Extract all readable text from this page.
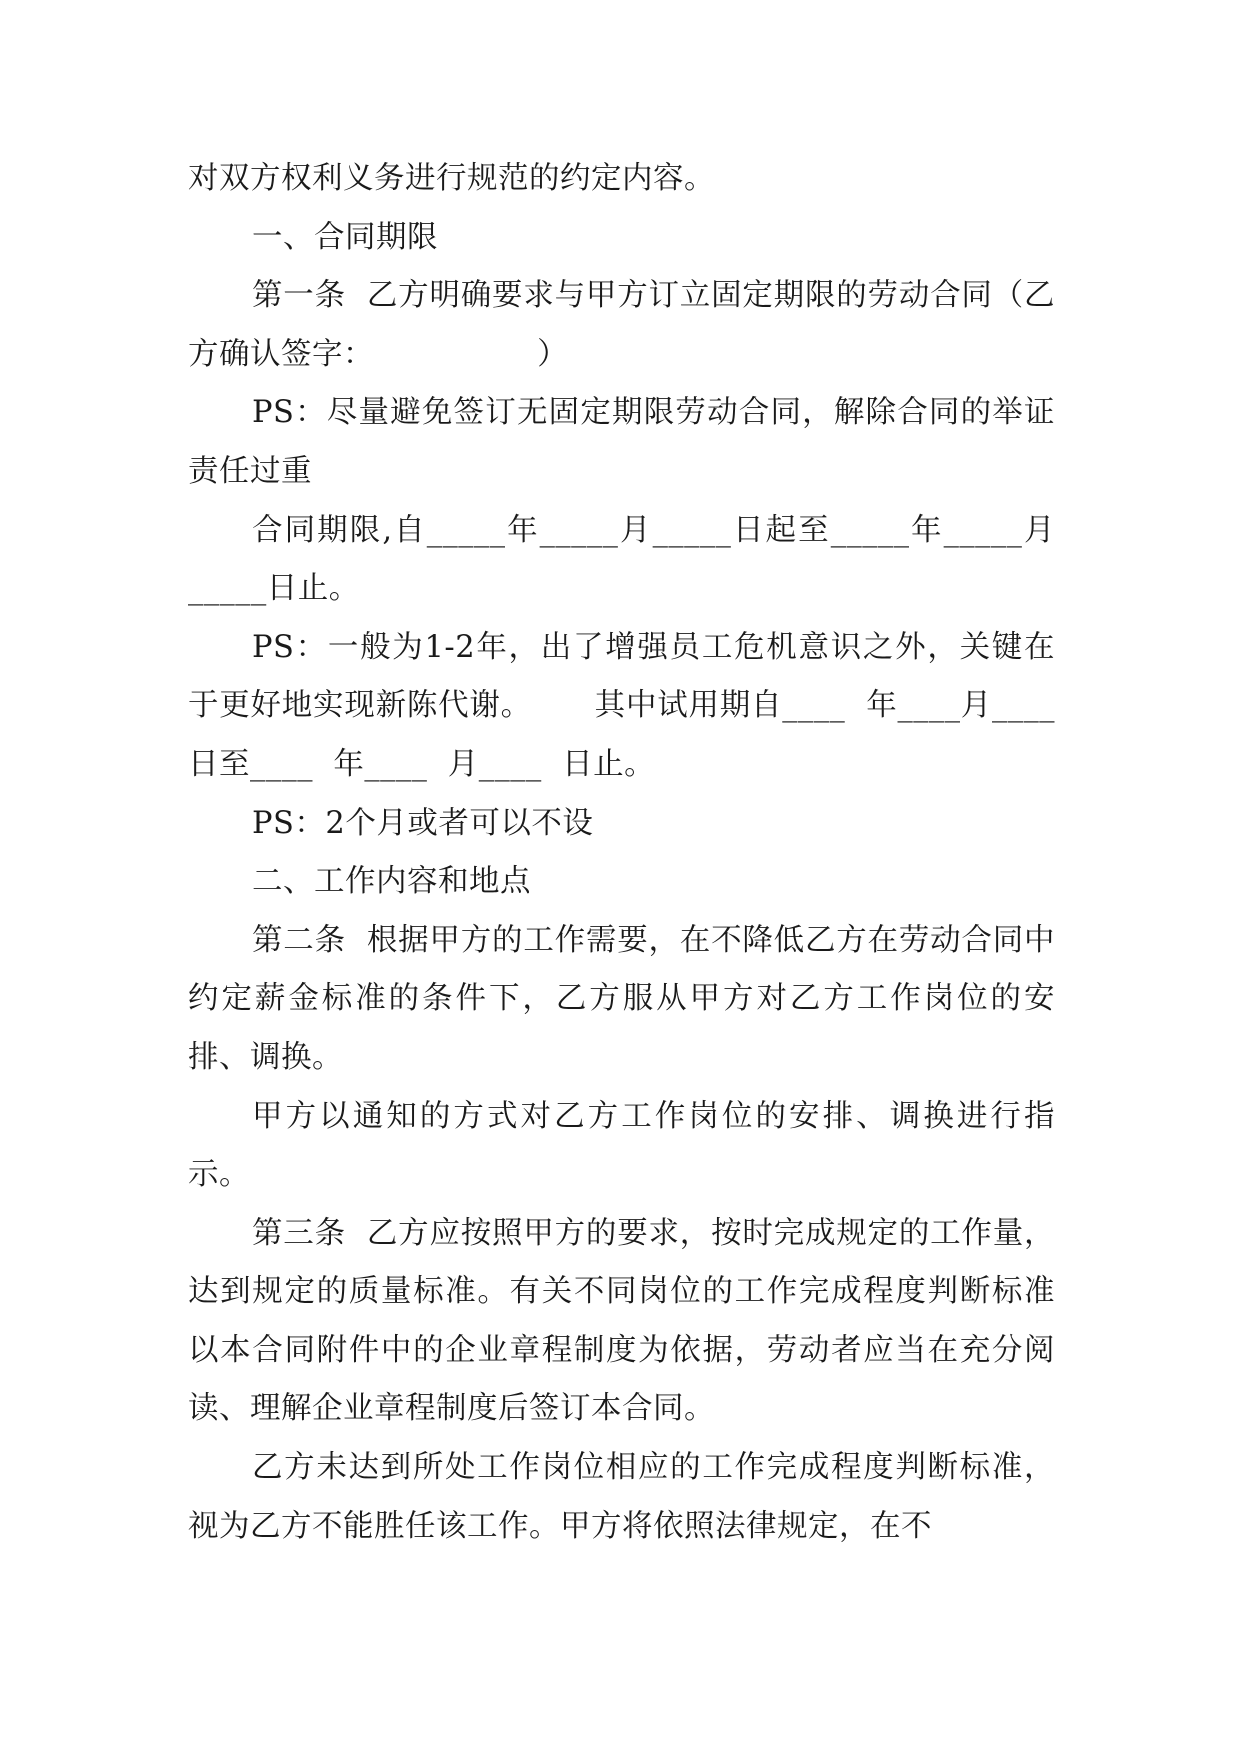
对双方权利义务进行规范的约定内容。

一、合同期限

第一条  乙方明确要求与甲方订立固定期限的劳动合同（乙方确认签字：                ）

PS：尽量避免签订无固定期限劳动合同，解除合同的举证责任过重

合同期限,自_____年_____月_____日起至_____年_____月_____日止。

PS：一般为1-2年，出了增强员工危机意识之外，关键在于更好地实现新陈代谢。      其中试用期自____  年____月____  日至____  年____  月____  日止。

PS：2个月或者可以不设

二、工作内容和地点

第二条  根据甲方的工作需要，在不降低乙方在劳动合同中约定薪金标准的条件下，乙方服从甲方对乙方工作岗位的安排、调换。

甲方以通知的方式对乙方工作岗位的安排、调换进行指示。

第三条  乙方应按照甲方的要求，按时完成规定的工作量，达到规定的质量标准。有关不同岗位的工作完成程度判断标准以本合同附件中的企业章程制度为依据，劳动者应当在充分阅读、理解企业章程制度后签订本合同。

乙方未达到所处工作岗位相应的工作完成程度判断标准，视为乙方不能胜任该工作。甲方将依照法律规定，在不
